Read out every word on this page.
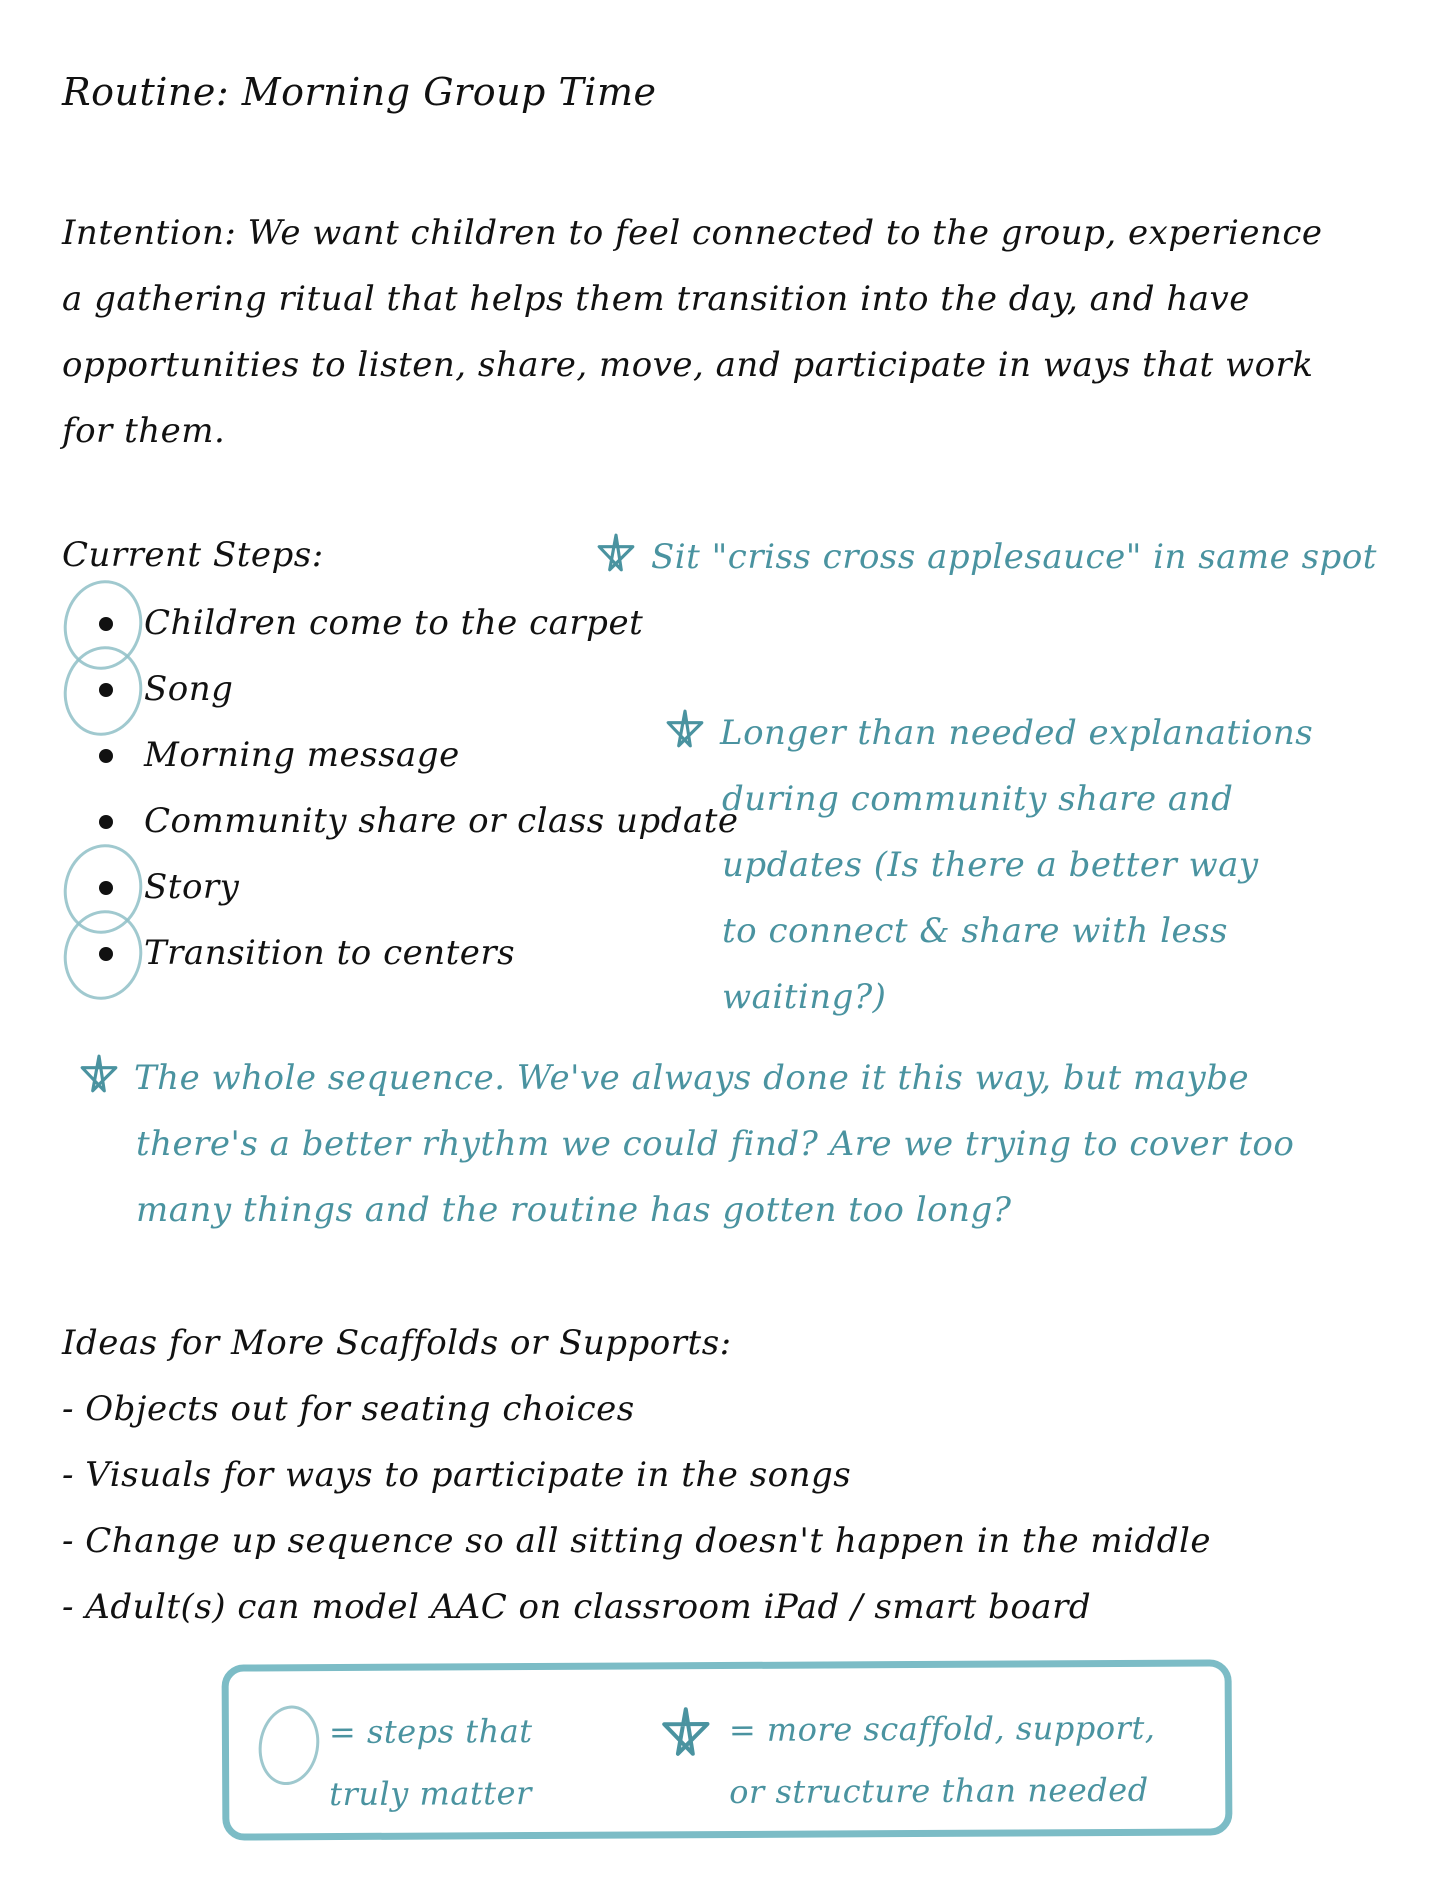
Routine: Morning Group Time
Intention: We want children to feel connected to the group, experience
a gathering ritual that helps them transition into the day, and have
opportunities to listen, share, move, and participate in ways that work
for them.
Current Steps:
Children come to the carpet
Song
Morning message
Community share or class update
Story
Transition to centers
Sit "criss cross applesauce" in same spot
Longer than needed explanations
during community share and
updates (Is there a better way
to connect & share with less
waiting?)
The whole sequence. We've always done it this way, but maybe
there's a better rhythm we could find? Are we trying to cover too
many things and the routine has gotten too long?
Ideas for More Scaffolds or Supports:
- Objects out for seating choices
- Visuals for ways to participate in the songs
- Change up sequence so all sitting doesn't happen in the middle
- Adult(s) can model AAC on classroom iPad / smart board
= steps that
truly matter
= more scaffold, support,
or structure than needed
